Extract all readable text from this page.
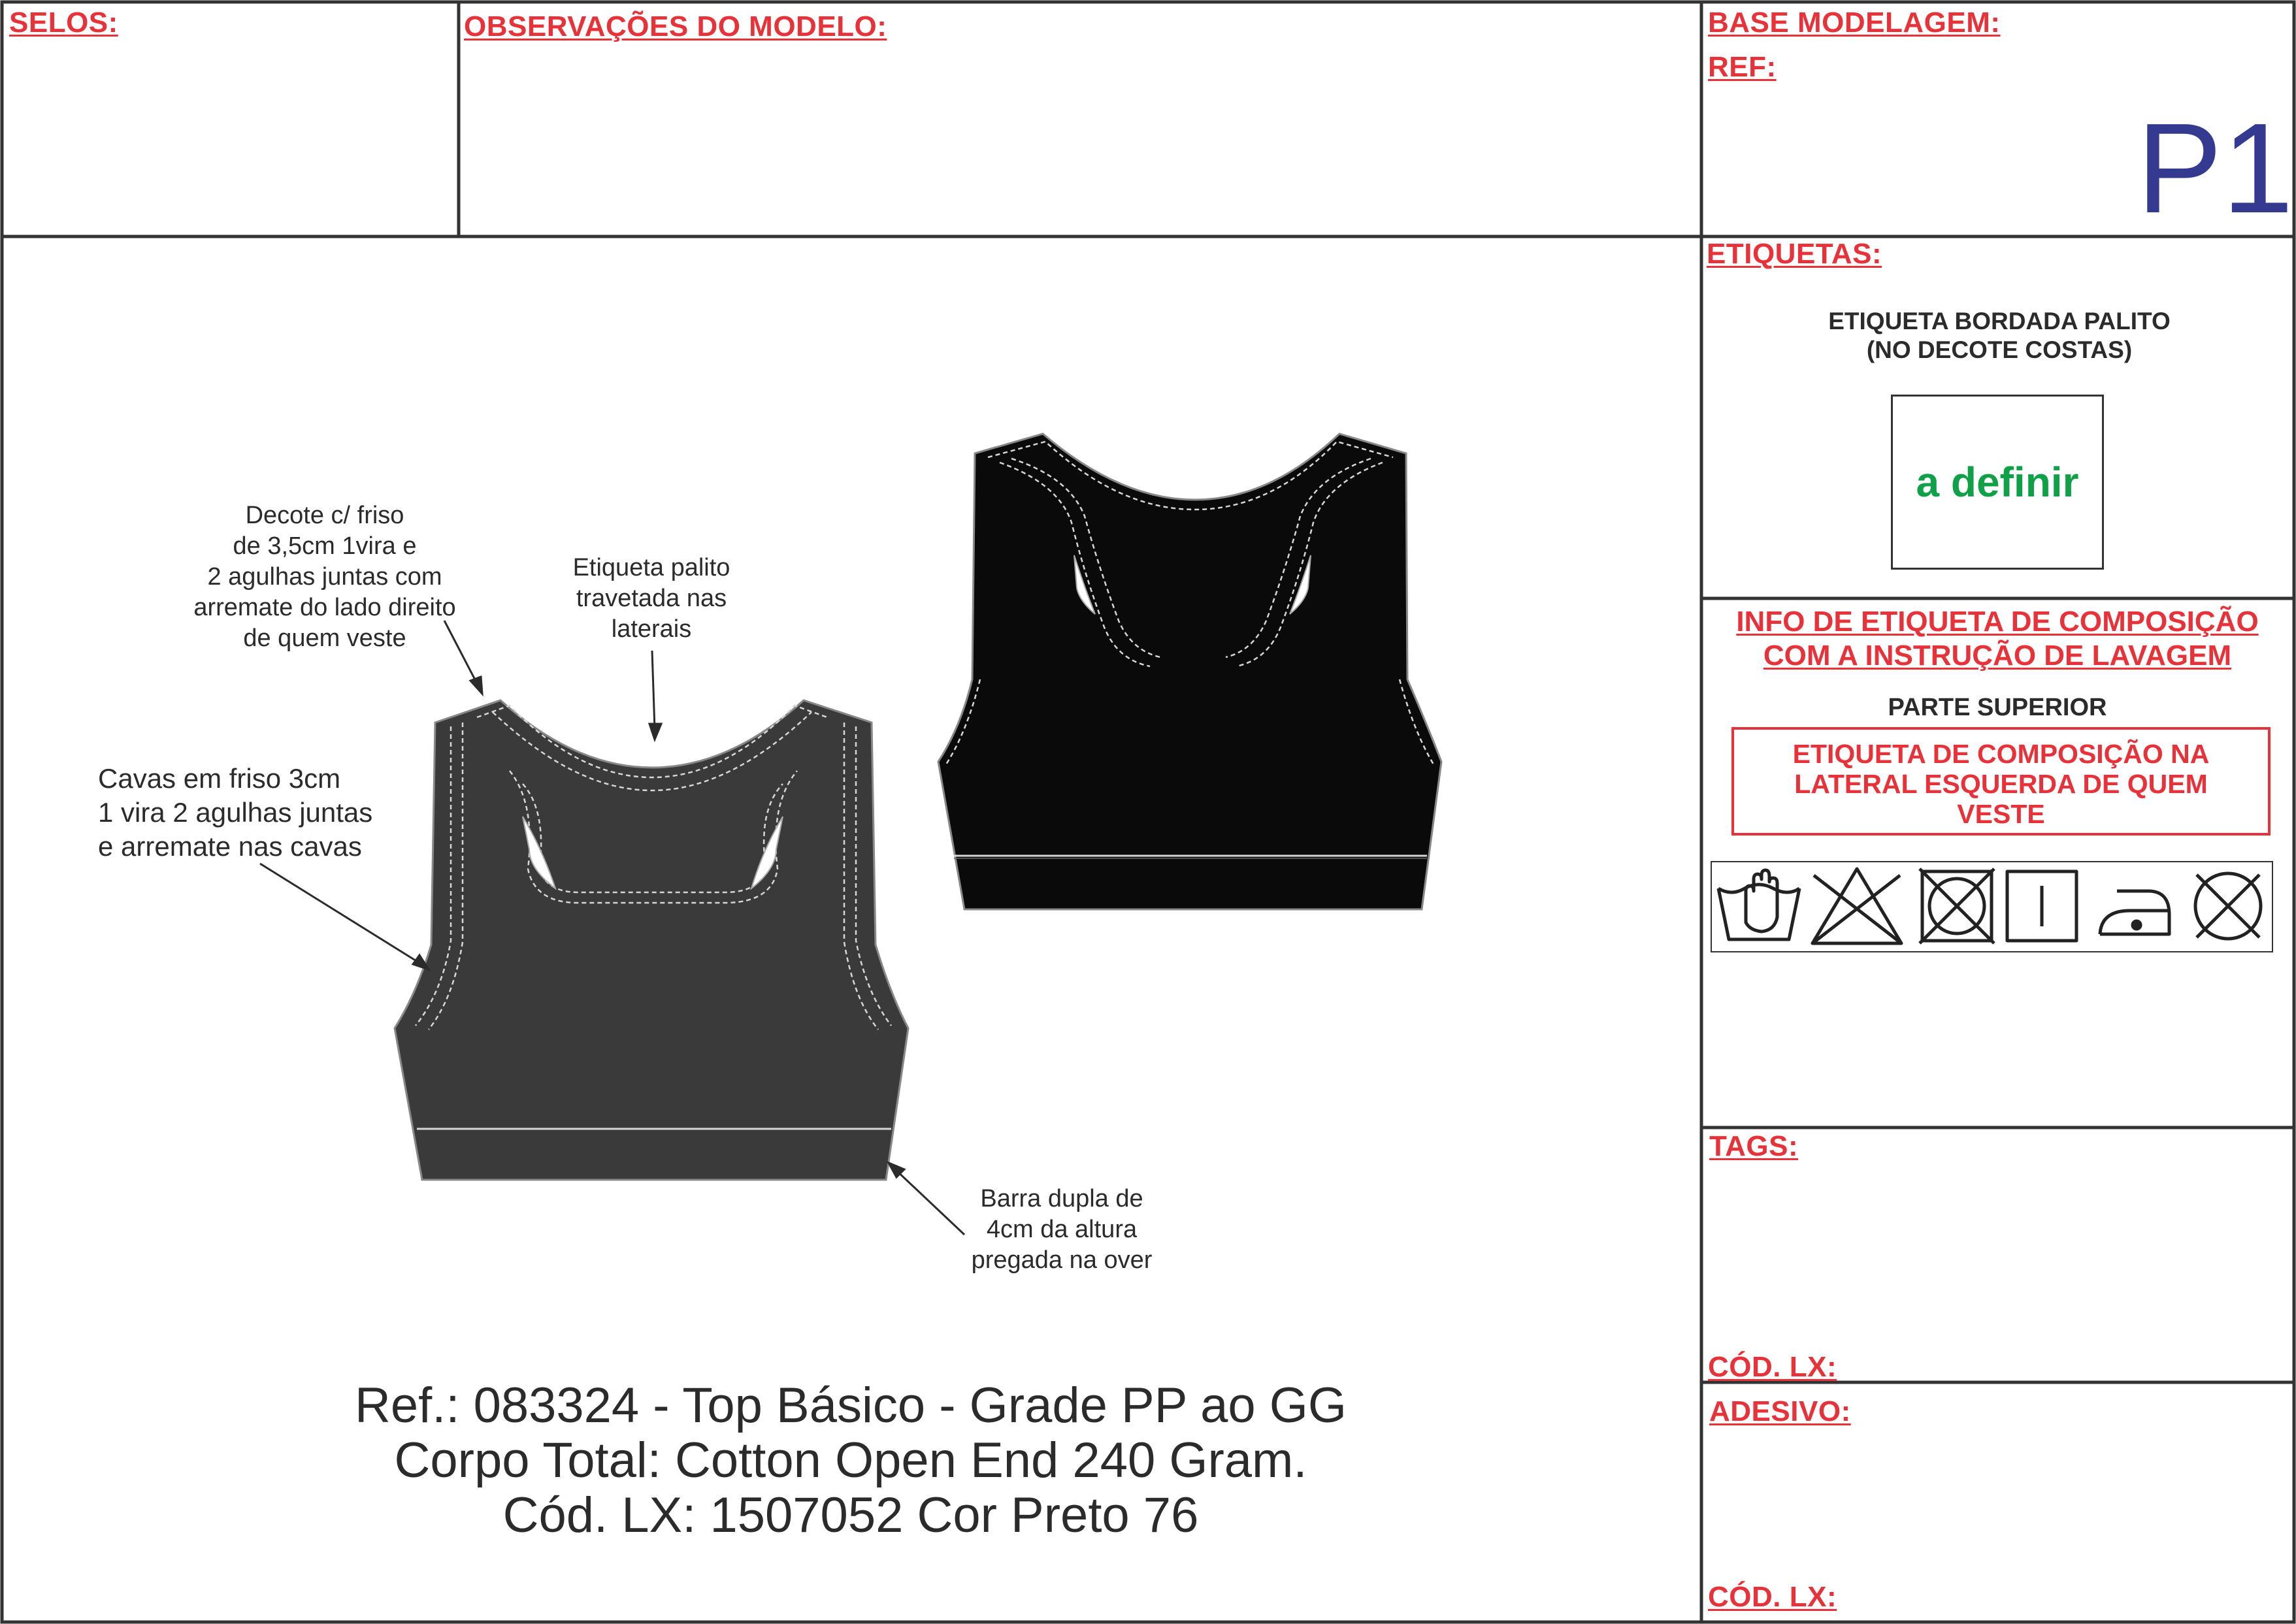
SELOS:	OBSERVAÇÕES DO MODELO:	BASE MODELAGEM:
REF:
P1
ETIQUETAS:
ETIQUETA BORDADA PALITO
(NO DECOTE COSTAS)
a definir
INFO DE ETIQUETA DE COMPOSIÇÃO
COM A INSTRUÇÃO DE LAVAGEM
PARTE SUPERIOR
ETIQUETA DE COMPOSIÇÃO NA
LATERAL ESQUERDA DE QUEM
VESTE
TAGS:
CÓD. LX:
ADESIVO:
CÓD. LX:
Decote c/ friso
de 3,5cm 1vira e
2 agulhas juntas com
arremate do lado direito
de quem veste
Etiqueta palito
travetada nas
laterais
Cavas em friso 3cm
1 vira 2 agulhas juntas
e arremate nas cavas
Barra dupla de
4cm da altura
pregada na over
Ref.: 083324 - Top Básico - Grade PP ao GG
Corpo Total: Cotton Open End 240 Gram.
Cód. LX: 1507052 Cor Preto 76
